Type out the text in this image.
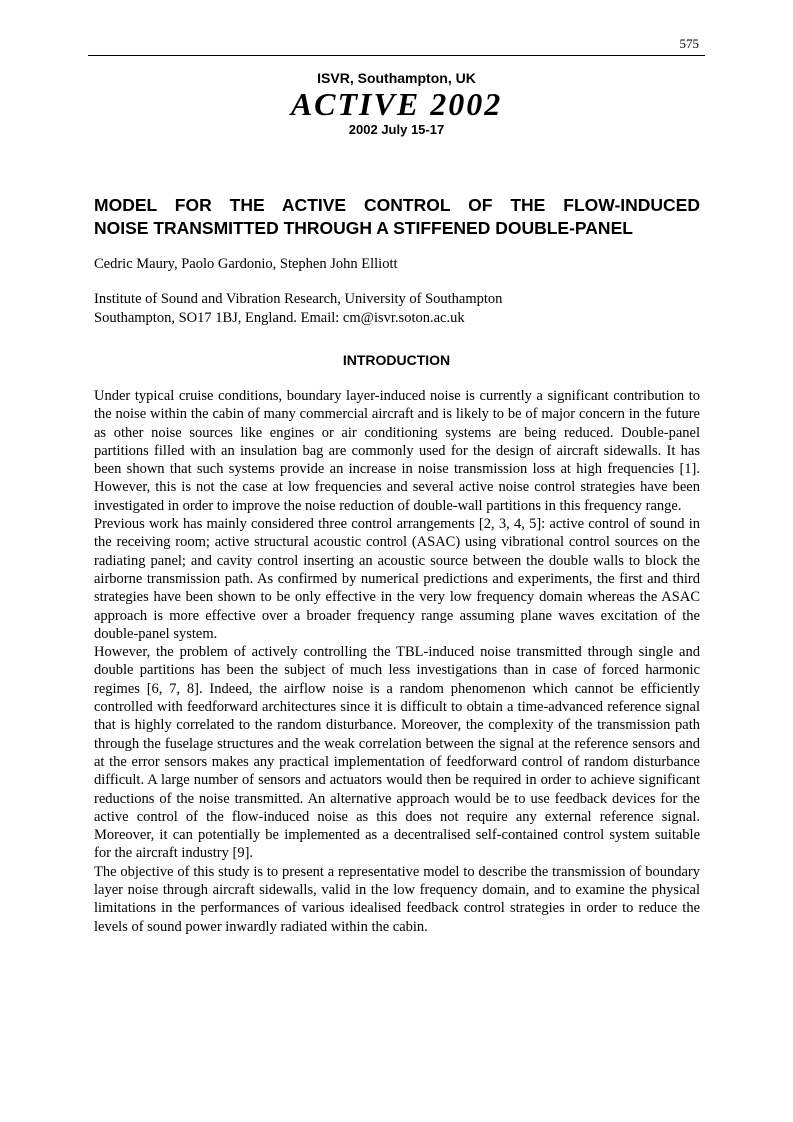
575

ISVR, Southampton, UK

ACTIVE 2002

2002 July 15-17

MODEL FOR THE ACTIVE CONTROL OF THE FLOW-INDUCED
NOISE TRANSMITTED THROUGH A STIFFENED DOUBLE-PANEL

Cedric Maury, Paolo Gardonio, Stephen John Elliott

Institute of Sound and Vibration Research, University of Southampton
Southampton, SO17 1BJ, England. Email: cm@isvr.soton.ac.uk

INTRODUCTION

Under typical cruise conditions, boundary layer-induced noise is currently a significant contribution to the noise within the cabin of many commercial aircraft and is likely to be of major concern in the future as other noise sources like engines or air conditioning systems are being reduced. Double-panel partitions filled with an insulation bag are commonly used for the design of aircraft sidewalls. It has been shown that such systems provide an increase in noise transmission loss at high frequencies [1]. However, this is not the case at low frequencies and several active noise control strategies have been investigated in order to improve the noise reduction of double-wall partitions in this frequency range.

Previous work has mainly considered three control arrangements [2, 3, 4, 5]: active control of sound in the receiving room; active structural acoustic control (ASAC) using vibrational control sources on the radiating panel; and cavity control inserting an acoustic source between the double walls to block the airborne transmission path. As confirmed by numerical predictions and experiments, the first and third strategies have been shown to be only effective in the very low frequency domain whereas the ASAC approach is more effective over a broader frequency range assuming plane waves excitation of the double-panel system.

However, the problem of actively controlling the TBL-induced noise transmitted through single and double partitions has been the subject of much less investigations than in case of forced harmonic regimes [6, 7, 8]. Indeed, the airflow noise is a random phenomenon which cannot be efficiently controlled with feedforward architectures since it is difficult to obtain a time-advanced reference signal that is highly correlated to the random disturbance. Moreover, the complexity of the transmission path through the fuselage structures and the weak correlation between the signal at the reference sensors and at the error sensors makes any practical implementation of feedforward control of random disturbance difficult. A large number of sensors and actuators would then be required in order to achieve significant reductions of the noise transmitted. An alternative approach would be to use feedback devices for the active control of the flow-induced noise as this does not require any external reference signal. Moreover, it can potentially be implemented as a decentralised self-contained control system suitable for the aircraft industry [9].

The objective of this study is to present a representative model to describe the transmission of boundary layer noise through aircraft sidewalls, valid in the low frequency domain, and to examine the physical limitations in the performances of various idealised feedback control strategies in order to reduce the levels of sound power inwardly radiated within the cabin.
